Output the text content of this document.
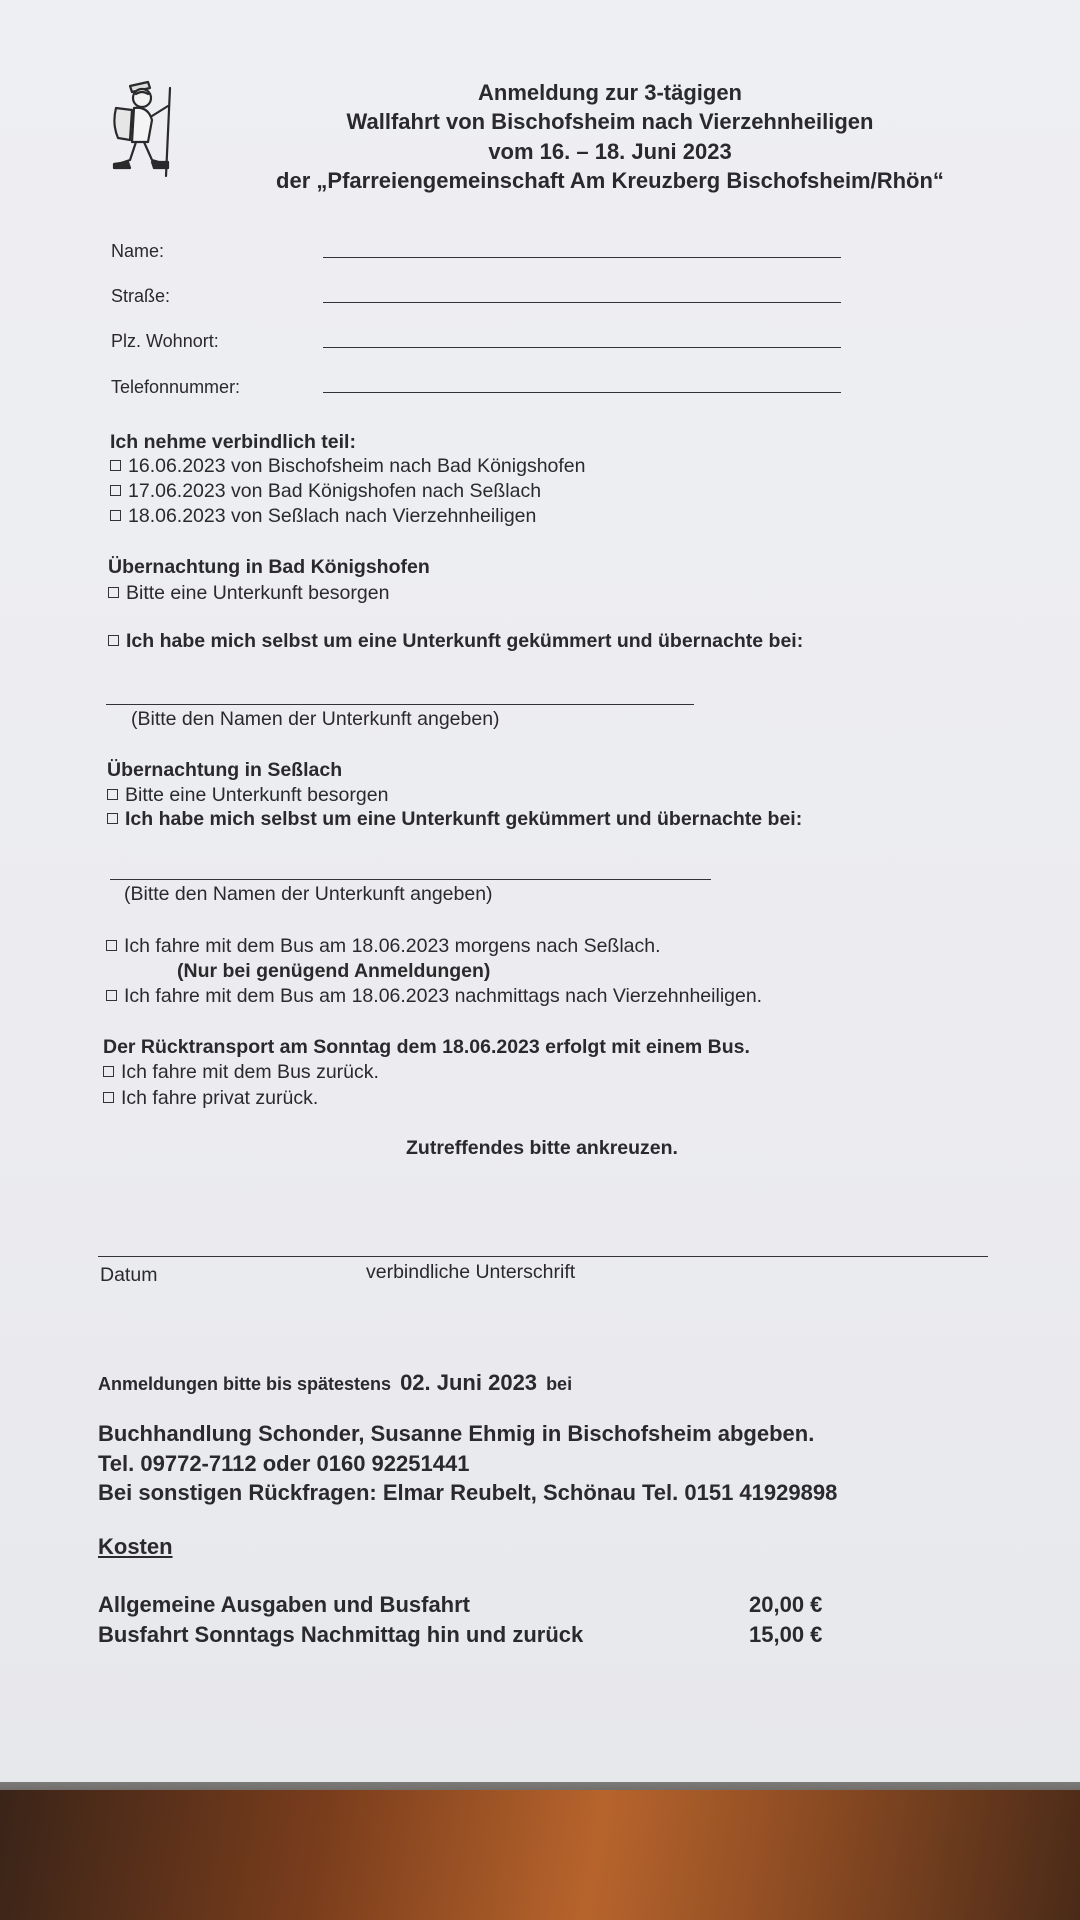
Anmeldung zur 3-tägigen
Wallfahrt von Bischofsheim nach Vierzehnheiligen
vom 16. – 18. Juni 2023
der „Pfarreiengemeinschaft Am Kreuzberg Bischofsheim/Rhön“
Name:
Straße:
Plz. Wohnort:
Telefonnummer:
Ich nehme verbindlich teil:
16.06.2023 von Bischofsheim nach Bad Königshofen
17.06.2023 von Bad Königshofen nach Seßlach
18.06.2023 von Seßlach nach Vierzehnheiligen
Übernachtung in Bad Königshofen
Bitte eine Unterkunft besorgen
Ich habe mich selbst um eine Unterkunft gekümmert und übernachte bei:
(Bitte den Namen der Unterkunft angeben)
Übernachtung in Seßlach
Bitte eine Unterkunft besorgen
Ich habe mich selbst um eine Unterkunft gekümmert und übernachte bei:
(Bitte den Namen der Unterkunft angeben)
Ich fahre mit dem Bus am 18.06.2023 morgens nach Seßlach.
(Nur bei genügend Anmeldungen)
Ich fahre mit dem Bus am 18.06.2023 nachmittags nach Vierzehnheiligen.
Der Rücktransport am Sonntag dem 18.06.2023 erfolgt mit einem Bus.
Ich fahre mit dem Bus zurück.
Ich fahre privat zurück.
Zutreffendes bitte ankreuzen.
Datum	verbindliche Unterschrift
Anmeldungen bitte bis spätestens 02. Juni 2023 bei
Buchhandlung Schonder, Susanne Ehmig in Bischofsheim abgeben.
Tel. 09772-7112 oder 0160 92251441
Bei sonstigen Rückfragen: Elmar Reubelt, Schönau Tel. 0151 41929898
Kosten
Allgemeine Ausgaben und Busfahrt	20,00 €
Busfahrt Sonntags Nachmittag hin und zurück	15,00 €
